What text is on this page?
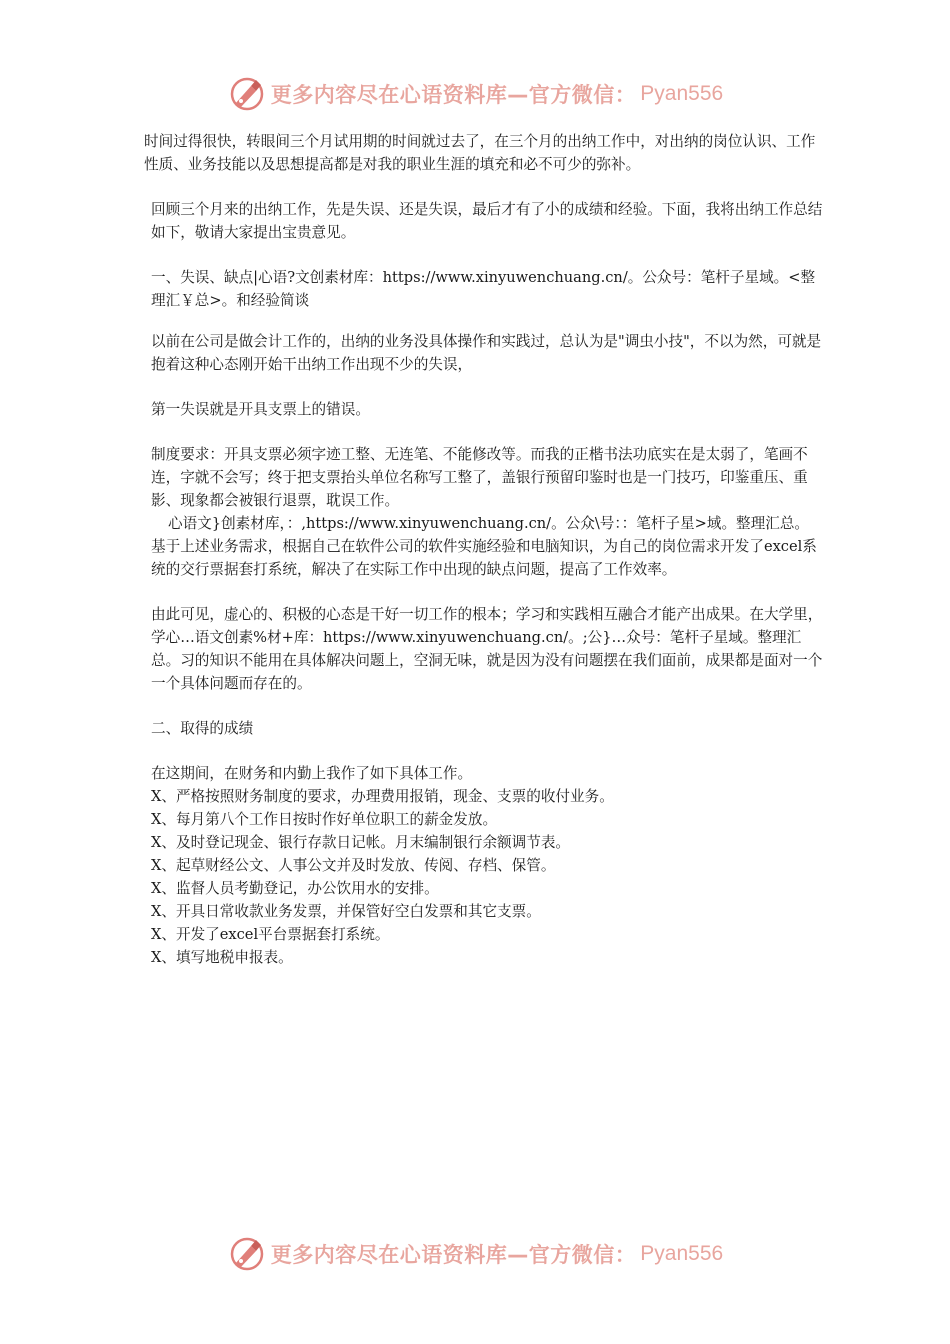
更多内容尽在心语资料库—官方微信： Pyan556

时间过得很快，转眼间三个月试用期的时间就过去了，在三个月的出纳工作中，对出纳的岗位认识、工作性质、业务技能以及思想提高都是对我的职业生涯的填充和必不可少的弥补。

回顾三个月来的出纳工作，先是失误、还是失误，最后才有了小的成绩和经验。下面，我将出纳工作总结如下，敬请大家提出宝贵意见。

一、失误、缺点|心语?文创素材库：https://www.xinyuwenchuang.cn/。公众号：笔杆子星域。<整理汇￥总>。和经验简谈

以前在公司是做会计工作的，出纳的业务没具体操作和实践过，总认为是"调虫小技"，不以为然，可就是抱着这种心态刚开始干出纳工作出现不少的失误，

第一失误就是开具支票上的错误。

制度要求：开具支票必须字迹工整、无连笔、不能修改等。而我的正楷书法功底实在是太弱了，笔画不连，字就不会写；终于把支票抬头单位名称写工整了，盖银行预留印鉴时也是一门技巧，印鉴重压、重影、现象都会被银行退票，耽误工作。

心语文}创素材库，：,https://www.xinyuwenchuang.cn/。公众\号：：笔杆子星>域。整理汇总。

基于上述业务需求，根据自己在软件公司的软件实施经验和电脑知识，为自己的岗位需求开发了excel系统的交行票据套打系统，解决了在实际工作中出现的缺点问题，提高了工作效率。

由此可见，虚心的、积极的心态是干好一切工作的根本；学习和实践相互融合才能产出成果。在大学里，学心…语文创素%材+库：https://www.xinyuwenchuang.cn/。;公}…众号：笔杆子星域。整理汇总。习的知识不能用在具体解决问题上，空洞无味，就是因为没有问题摆在我们面前，成果都是面对一个一个具体问题而存在的。

二、取得的成绩

在这期间，在财务和内勤上我作了如下具体工作。

X、严格按照财务制度的要求，办理费用报销，现金、支票的收付业务。

X、每月第八个工作日按时作好单位职工的薪金发放。

X、及时登记现金、银行存款日记帐。月末编制银行余额调节表。

X、起草财经公文、人事公文并及时发放、传阅、存档、保管。

X、监督人员考勤登记，办公饮用水的安排。

X、开具日常收款业务发票，并保管好空白发票和其它支票。

X、开发了excel平台票据套打系统。

X、填写地税申报表。

更多内容尽在心语资料库—官方微信： Pyan556
